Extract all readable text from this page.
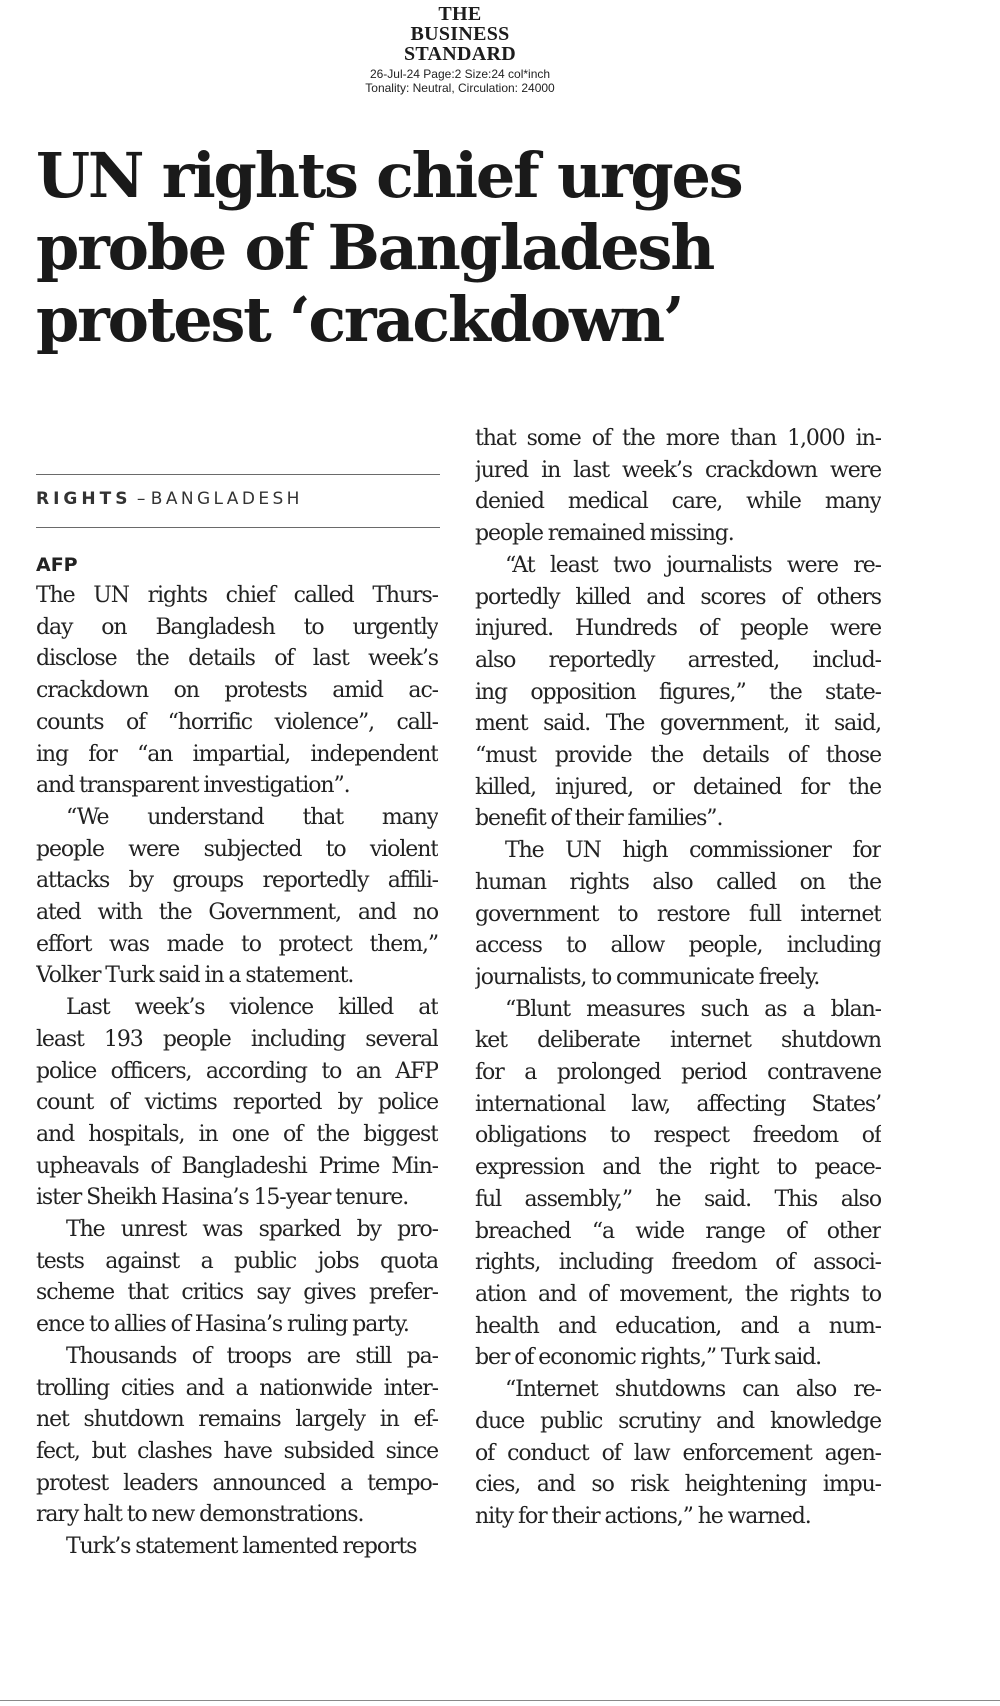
THE
BUSINESS
STANDARD
26-Jul-24 Page:2 Size:24 col*inch
Tonality: Neutral, Circulation: 24000
UN rights chief urges
probe of Bangladesh
protest ‘crackdown’
RIGHTS – BANGLADESH
AFP

The UN rights chief called Thurs-
day on Bangladesh to urgently
disclose the details of last week’s
crackdown on protests amid ac-
counts of “horrific violence”, call-
ing for “an impartial, independent
and transparent investigation”.

“We understand that many
people were subjected to violent
attacks by groups reportedly affili-
ated with the Government, and no
effort was made to protect them,”
Volker Turk said in a statement.

Last week’s violence killed at
least 193 people including several
police officers, according to an AFP
count of victims reported by police
and hospitals, in one of the biggest
upheavals of Bangladeshi Prime Min-
ister Sheikh Hasina’s 15-year tenure.

The unrest was sparked by pro-
tests against a public jobs quota
scheme that critics say gives prefer-
ence to allies of Hasina’s ruling party.

Thousands of troops are still pa-
trolling cities and a nationwide inter-
net shutdown remains largely in ef-
fect, but clashes have subsided since
protest leaders announced a tempo-
rary halt to new demonstrations.

Turk’s statement lamented reports

that some of the more than 1,000 in-
jured in last week’s crackdown were
denied medical care, while many
people remained missing.

“At least two journalists were re-
portedly killed and scores of others
injured. Hundreds of people were
also reportedly arrested, includ-
ing opposition figures,” the state-
ment said. The government, it said,
“must provide the details of those
killed, injured, or detained for the
benefit of their families”.

The UN high commissioner for
human rights also called on the
government to restore full internet
access to allow people, including
journalists, to communicate freely.

“Blunt measures such as a blan-
ket deliberate internet shutdown
for a prolonged period contravene
international law, affecting States’
obligations to respect freedom of
expression and the right to peace-
ful assembly,” he said. This also
breached “a wide range of other
rights, including freedom of associ-
ation and of movement, the rights to
health and education, and a num-
ber of economic rights,” Turk said.

“Internet shutdowns can also re-
duce public scrutiny and knowledge
of conduct of law enforcement agen-
cies, and so risk heightening impu-
nity for their actions,” he warned.
